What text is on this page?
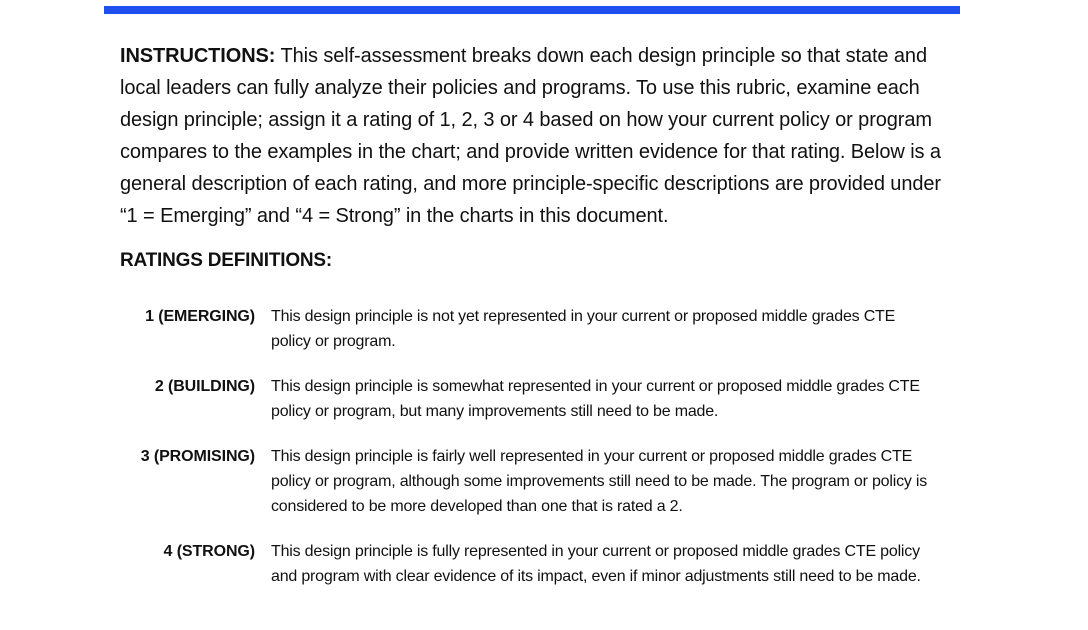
INSTRUCTIONS: This self-assessment breaks down each design principle so that state and local leaders can fully analyze their policies and programs. To use this rubric, examine each design principle; assign it a rating of 1, 2, 3 or 4 based on how your current policy or program compares to the examples in the chart; and provide written evidence for that rating. Below is a general description of each rating, and more principle-specific descriptions are provided under “1 = Emerging” and “4 = Strong” in the charts in this document.

RATINGS DEFINITIONS:
1 (EMERGING) This design principle is not yet represented in your current or proposed middle grades CTE policy or program.
2 (BUILDING) This design principle is somewhat represented in your current or proposed middle grades CTE policy or program, but many improvements still need to be made.
3 (PROMISING) This design principle is fairly well represented in your current or proposed middle grades CTE policy or program, although some improvements still need to be made. The program or policy is considered to be more developed than one that is rated a 2.
4 (STRONG) This design principle is fully represented in your current or proposed middle grades CTE policy and program with clear evidence of its impact, even if minor adjustments still need to be made.
